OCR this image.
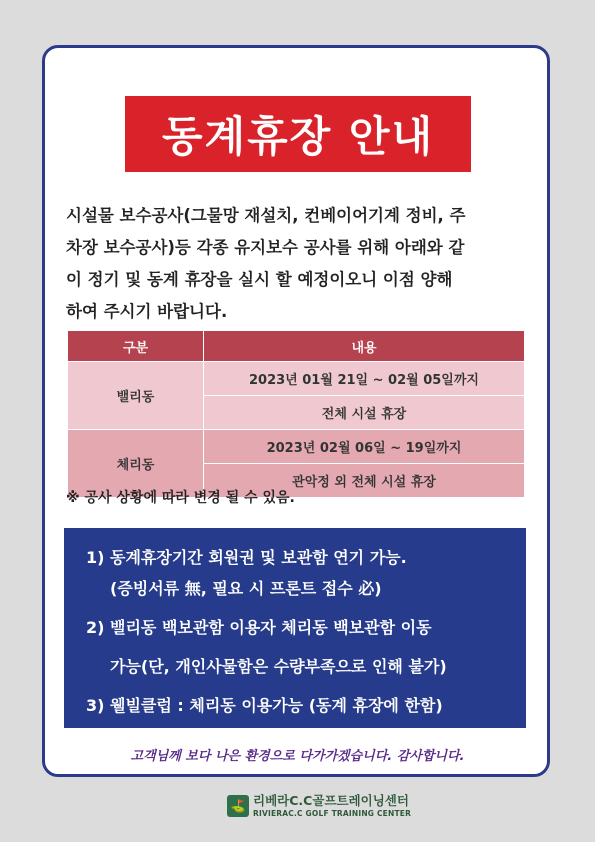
동계휴장 안내
시설물 보수공사(그물망 재설치, 컨베이어기계 정비, 주
차장 보수공사)등 각종 유지보수 공사를 위해 아래와 같
이 정기 및 동계 휴장을 실시 할 예정이오니 이점 양해
하여 주시기 바랍니다.
구분	내용
밸리동	2023년 01월 21일 ~ 02월 05일까지
	전체 시설 휴장
체리동	2023년 02월 06일 ~ 19일까지
	관악정 외 전체 시설 휴장
※ 공사 상황에 따라 변경 될 수 있음.
1) 동계휴장기간 회원권 및 보관함 연기 가능.
(증빙서류 無, 필요 시 프론트 접수 必)
2) 밸리동 백보관함 이용자 체리동 백보관함 이동
가능(단, 개인사물함은 수량부족으로 인해 불가)
3) 웰빌클럽 : 체리동 이용가능 (동계 휴장에 한함)
고객님께 보다 나은 환경으로 다가가겠습니다. 감사합니다.
⛳ 리베라C.C골프트레이닝센터
RIVIERAC.C GOLF TRAINING CENTER
